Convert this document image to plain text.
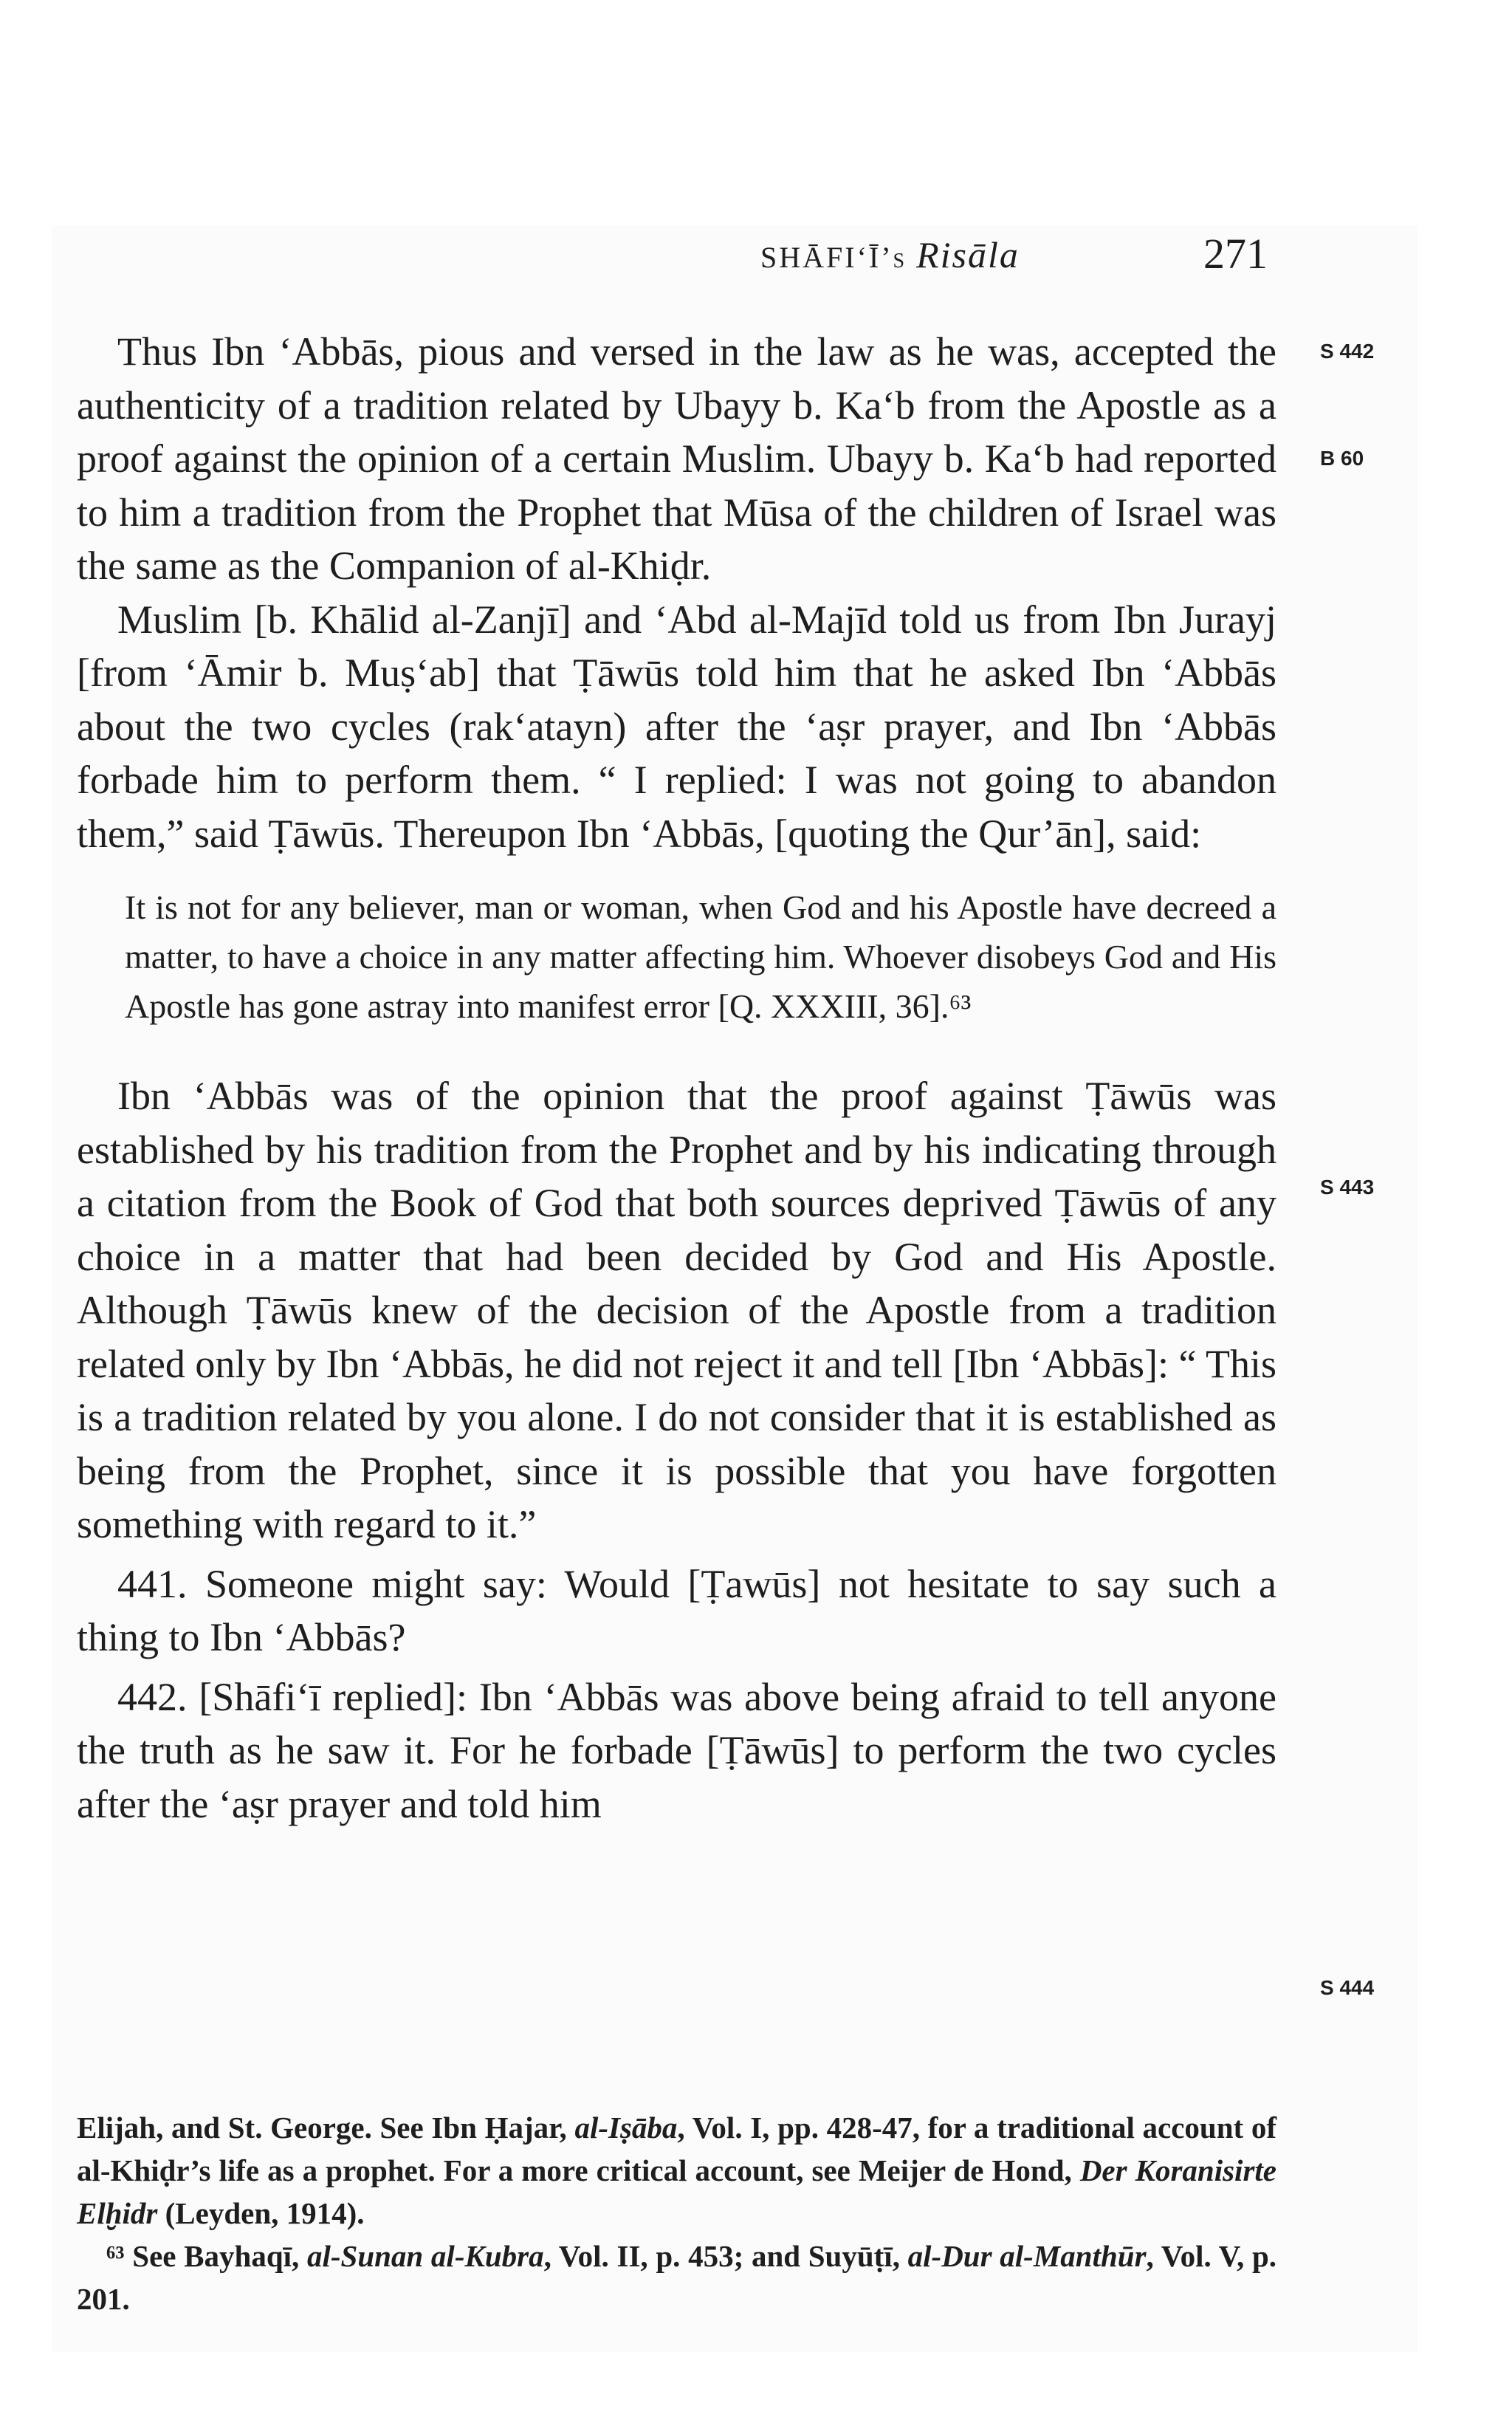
SHĀFI‘Ī’s Risāla	271
S 442
B 60
S 443
S 444

Thus Ibn ‘Abbās, pious and versed in the law as he was, accepted the authenticity of a tradition related by Ubayy b. Ka‘b from the Apostle as a proof against the opinion of a certain Muslim. Ubayy b. Ka‘b had reported to him a tradition from the Prophet that Mūsa of the children of Israel was the same as the Companion of al-Khiḍr.

Muslim [b. Khālid al-Zanjī] and ‘Abd al-Majīd told us from Ibn Jurayj [from ‘Āmir b. Muṣ‘ab] that Ṭāwūs told him that he asked Ibn ‘Abbās about the two cycles (rak‘atayn) after the ‘aṣr prayer, and Ibn ‘Abbās forbade him to perform them. “ I replied: I was not going to abandon them,” said Ṭāwūs. Thereupon Ibn ‘Abbās, [quoting the Qur’ān], said:

It is not for any believer, man or woman, when God and his Apostle have decreed a matter, to have a choice in any matter affecting him. Whoever disobeys God and His Apostle has gone astray into manifest error [Q. XXXIII, 36].⁶³

Ibn ‘Abbās was of the opinion that the proof against Ṭāwūs was established by his tradition from the Prophet and by his indicating through a citation from the Book of God that both sources deprived Ṭāwūs of any choice in a matter that had been decided by God and His Apostle. Although Ṭāwūs knew of the decision of the Apostle from a tradition related only by Ibn ‘Abbās, he did not reject it and tell [Ibn ‘Abbās]: “ This is a tradition related by you alone. I do not consider that it is established as being from the Prophet, since it is possible that you have forgotten something with regard to it.”

441. Someone might say: Would [Ṭawūs] not hesitate to say such a thing to Ibn ‘Abbās?

442. [Shāfi‘ī replied]: Ibn ‘Abbās was above being afraid to tell anyone the truth as he saw it. For he forbade [Ṭāwūs] to perform the two cycles after the ‘aṣr prayer and told him

Elijah, and St. George. See Ibn Ḥajar, al-Iṣāba, Vol. I, pp. 428-47, for a traditional account of al-Khiḍr’s life as a prophet. For a more critical account, see Meijer de Hond, Der Koranisirte Elḫidr (Leyden, 1914).

⁶³ See Bayhaqī, al-Sunan al-Kubra, Vol. II, p. 453; and Suyūṭī, al-Dur al-Manthūr, Vol. V, p. 201.
